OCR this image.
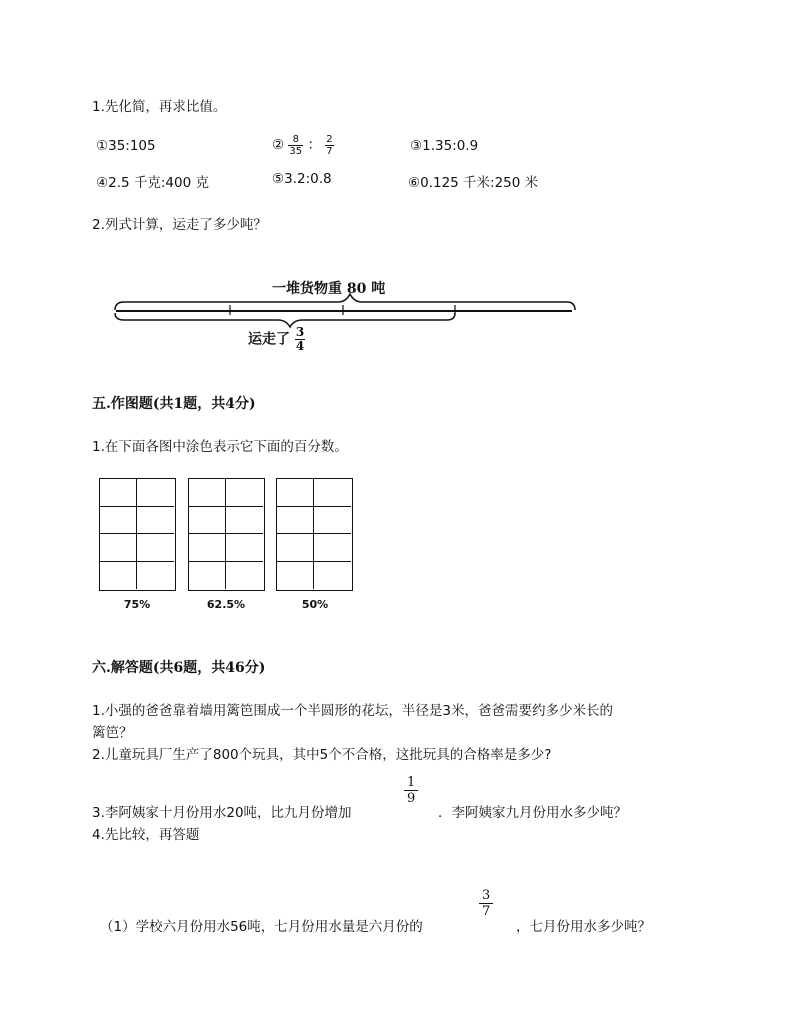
1.先化简，再求比值。
①35:105	② $\frac{8}{35}$ ： $\frac{2}{7}$	③1.35:0.9
④2.5 千克:400 克	⑤3.2:0.8	⑥0.125 千米:250 米
2.列式计算，运走了多少吨？
一堆货物重 80 吨
运走了 $\frac{3}{4}$
五.作图题(共1题，共4分)
1.在下面各图中涂色表示它下面的百分数。
75%	62.5%	50%
六.解答题(共6题，共46分)
1.小强的爸爸靠着墙用篱笆围成一个半圆形的花坛，半径是3米，爸爸需要约多少米长的
篱笆？
2.儿童玩具厂生产了800个玩具，其中5个不合格，这批玩具的合格率是多少?
3.李阿姨家十月份用水20吨，比九月份增加
$\frac{1}{9}$
．李阿姨家九月份用水多少吨？
4.先比较，再答题
（1）学校六月份用水56吨，七月份用水量是六月份的
$\frac{3}{7}$
，七月份用水多少吨？
